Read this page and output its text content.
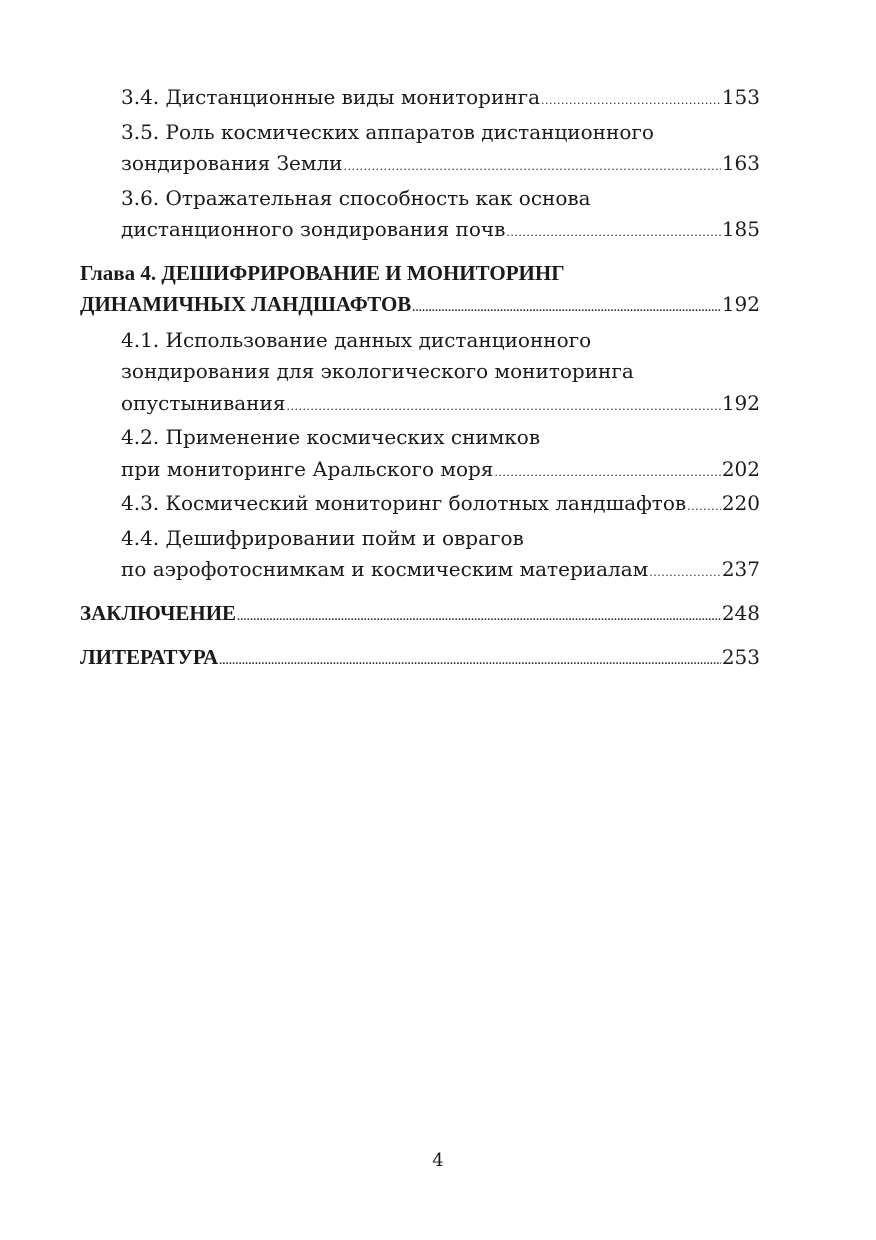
3.4. Дистанционные виды мониторинга .....	153
3.5. Роль космических аппаратов дистанционного
зондирования Земли .....	163
3.6. Отражательная способность как основа
дистанционного зондирования почв .....	185
Глава 4. ДЕШИФРИРОВАНИЕ И МОНИТОРИНГ
ДИНАМИЧНЫХ ЛАНДШАФТОВ .....	192
4.1. Использование данных дистанционного
зондирования для экологического мониторинга
опустынивания .....	192
4.2. Применение космических снимков
при мониторинге Аральского моря .....	202
4.3. Космический мониторинг болотных ландшафтов ..... 220
4.4. Дешифрировании пойм и оврагов
по аэрофотоснимкам и космическим материалам .....	237
ЗАКЛЮЧЕНИЕ .....	248
ЛИТЕРАТУРА .....	253
4
